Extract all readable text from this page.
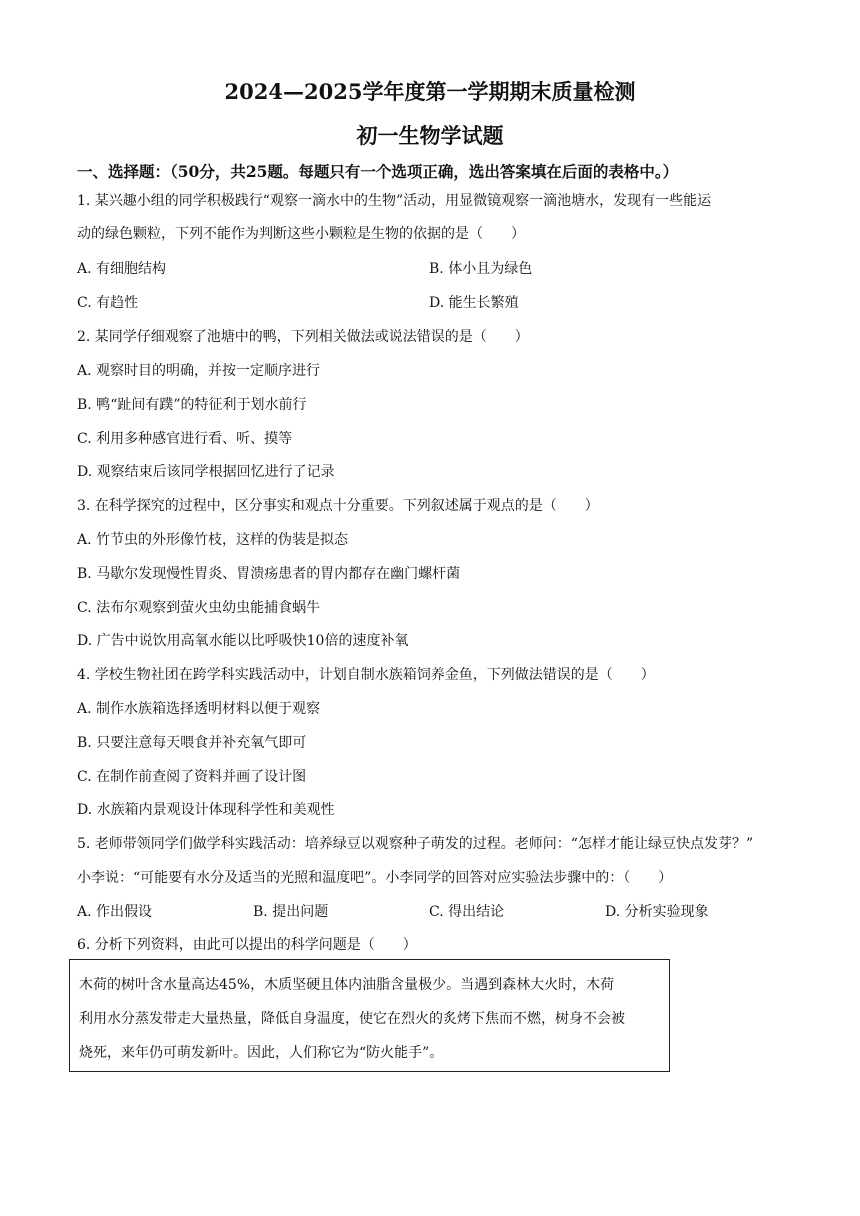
2024—2025学年度第一学期期末质量检测
初一生物学试题
一、选择题：（50分，共25题。每题只有一个选项正确，选出答案填在后面的表格中。）
1. 某兴趣小组的同学积极践行“观察一滴水中的生物”活动，用显微镜观察一滴池塘水，发现有一些能运
动的绿色颗粒，下列不能作为判断这些小颗粒是生物的依据的是（　　）
A. 有细胞结构	B. 体小且为绿色
C. 有趋性	D. 能生长繁殖
2. 某同学仔细观察了池塘中的鸭，下列相关做法或说法错误的是（　　）
A. 观察时目的明确，并按一定顺序进行
B. 鸭“趾间有蹼”的特征利于划水前行
C. 利用多种感官进行看、听、摸等
D. 观察结束后该同学根据回忆进行了记录
3. 在科学探究的过程中，区分事实和观点十分重要。下列叙述属于观点的是（　　）
A. 竹节虫的外形像竹枝，这样的伪装是拟态
B. 马歇尔发现慢性胃炎、胃溃疡患者的胃内都存在幽门螺杆菌
C. 法布尔观察到萤火虫幼虫能捕食蜗牛
D. 广告中说饮用高氧水能以比呼吸快10倍的速度补氧
4. 学校生物社团在跨学科实践活动中，计划自制水族箱饲养金鱼，下列做法错误的是（　　）
A. 制作水族箱选择透明材料以便于观察
B. 只要注意每天喂食并补充氧气即可
C. 在制作前查阅了资料并画了设计图
D. 水族箱内景观设计体现科学性和美观性
5. 老师带领同学们做学科实践活动：培养绿豆以观察种子萌发的过程。老师问：“怎样才能让绿豆快点发芽？”
小李说：“可能要有水分及适当的光照和温度吧”。小李同学的回答对应实验法步骤中的：（　　）
A. 作出假设	B. 提出问题	C. 得出结论	D. 分析实验现象
6. 分析下列资料，由此可以提出的科学问题是（　　）
木荷的树叶含水量高达45%，木质坚硬且体内油脂含量极少。当遇到森林大火时，木荷
利用水分蒸发带走大量热量，降低自身温度，使它在烈火的炙烤下焦而不燃，树身不会被
烧死，来年仍可萌发新叶。因此，人们称它为“防火能手”。
